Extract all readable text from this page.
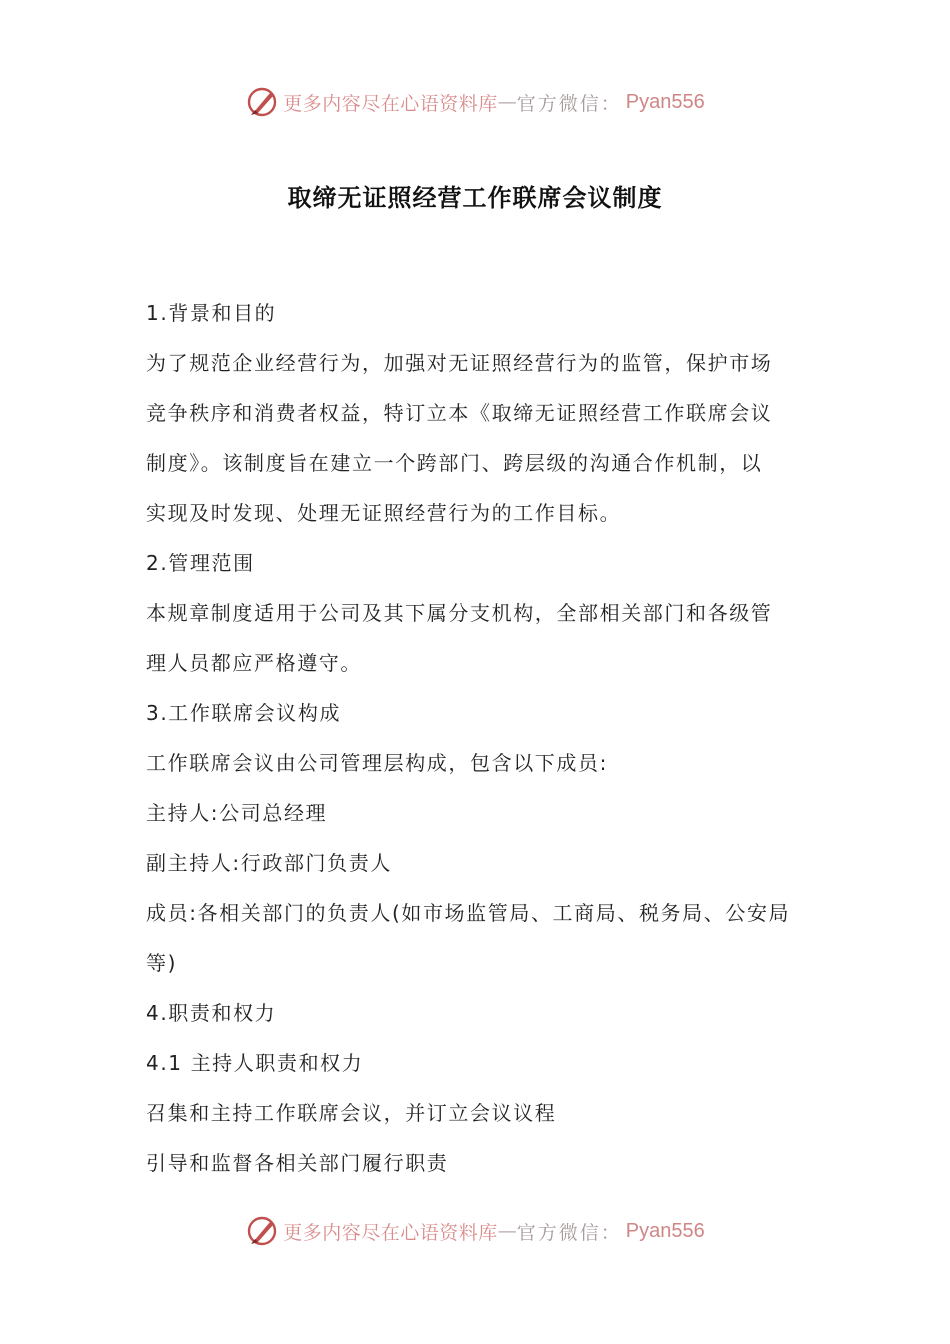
更多内容尽在心语资料库 — 官方微信： Pyan556
取缔无证照经营工作联席会议制度
1.背景和目的
为了规范企业经营行为，加强对无证照经营行为的监管，保护市场
竞争秩序和消费者权益，特订立本《取缔无证照经营工作联席会议
制度》。该制度旨在建立一个跨部门、跨层级的沟通合作机制，以
实现及时发现、处理无证照经营行为的工作目标。
2.管理范围
本规章制度适用于公司及其下属分支机构，全部相关部门和各级管
理人员都应严格遵守。
3.工作联席会议构成
工作联席会议由公司管理层构成，包含以下成员:
主持人:公司总经理
副主持人:行政部门负责人
成员:各相关部门的负责人(如市场监管局、工商局、税务局、公安局
等)
4.职责和权力
4.1 主持人职责和权力
召集和主持工作联席会议，并订立会议议程
引导和监督各相关部门履行职责
更多内容尽在心语资料库 — 官方微信： Pyan556
